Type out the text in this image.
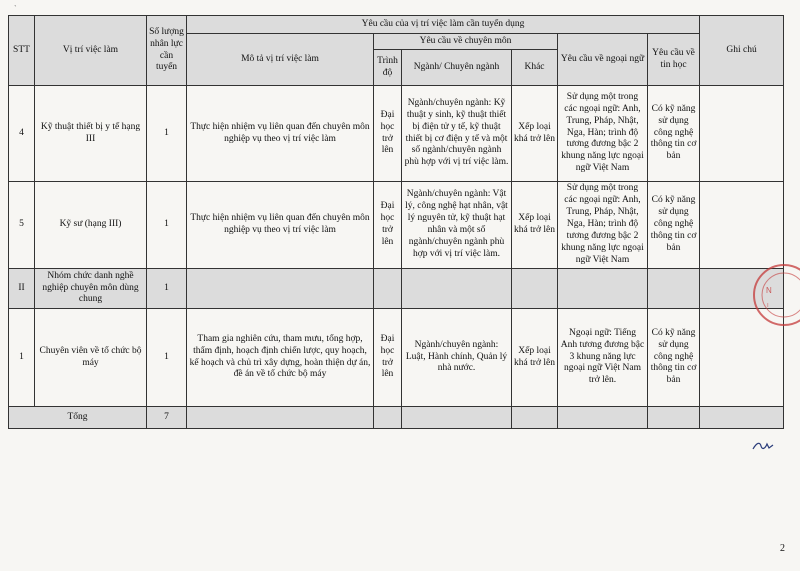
ˋ
STT	Vị trí việc làm	Số lượng nhân lực cần tuyển	Yêu cầu của vị trí việc làm cần tuyển dụng						Ghi chú
			Mô tả vị trí việc làm	Yêu cầu về chuyên môn			Yêu cầu về ngoại ngữ	Yêu cầu về tin học	
				Trình độ	Ngành/ Chuyên ngành	Khác			
4	Kỹ thuật thiết bị y tế hạng III	1	Thực hiện nhiệm vụ liên quan đến chuyên môn nghiệp vụ theo vị trí việc làm	Đại học trở lên	Ngành/chuyên ngành: Kỹ thuật y sinh, kỹ thuật thiết bị điện tử y tế, kỹ thuật thiết bị cơ điện y tế và một số ngành/chuyên ngành phù hợp với vị trí việc làm.	Xếp loại khá trở lên	Sử dụng một trong các ngoại ngữ: Anh, Trung, Pháp, Nhật, Nga, Hàn; trình độ tương đương bậc 2 khung năng lực ngoại ngữ Việt Nam	Có kỹ năng sử dụng công nghệ thông tin cơ bản	
5	Kỹ sư (hạng III)	1	Thực hiện nhiệm vụ liên quan đến chuyên môn nghiệp vụ theo vị trí việc làm	Đại học trở lên	Ngành/chuyên ngành: Vật lý, công nghệ hạt nhân, vật lý nguyên tử, kỹ thuật hạt nhân và một số ngành/chuyên ngành phù hợp với vị trí việc làm.	Xếp loại khá trở lên	Sử dụng một trong các ngoại ngữ: Anh, Trung, Pháp, Nhật, Nga, Hàn; trình độ tương đương bậc 2 khung năng lực ngoại ngữ Việt Nam	Có kỹ năng sử dụng công nghệ thông tin cơ bản	
II	Nhóm chức danh nghề nghiệp chuyên môn dùng chung	1							
1	Chuyên viên về tổ chức bộ máy	1	Tham gia nghiên cứu, tham mưu, tổng hợp, thẩm định, hoạch định chiến lược, quy hoạch, kế hoạch và chủ trì xây dựng, hoàn thiện dự án, đề án về tổ chức bộ máy	Đại học trở lên	Ngành/chuyên ngành: Luật, Hành chính, Quản lý nhà nước.	Xếp loại khá trở lên	Ngoại ngữ: Tiếng Anh tương đương bậc 3 khung năng lực ngoại ngữ Việt Nam trở lên.	Có kỹ năng sử dụng công nghệ thông tin cơ bản	
Tổng		7							
N
T
2
